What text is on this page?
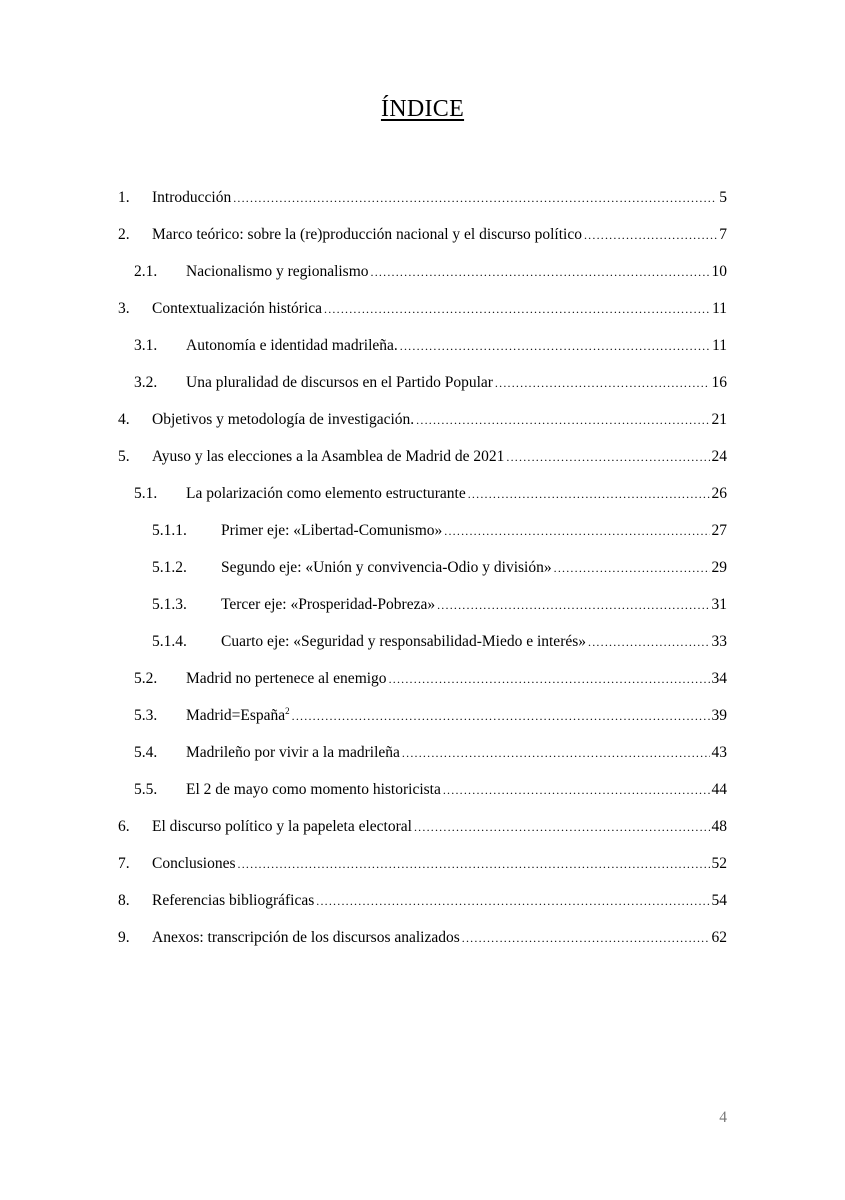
ÍNDICE
1. Introducción .....	5
2. Marco teórico: sobre la (re)producción nacional y el discurso político .....	7
2.1. Nacionalismo y regionalismo .....	10
3. Contextualización histórica .....	11
3.1. Autonomía e identidad madrileña. .....	11
3.2. Una pluralidad de discursos en el Partido Popular .....	16
4. Objetivos y metodología de investigación. .....	21
5. Ayuso y las elecciones a la Asamblea de Madrid de 2021 .....	24
5.1. La polarización como elemento estructurante .....	26
5.1.1. Primer eje: «Libertad-Comunismo» .....	27
5.1.2. Segundo eje: «Unión y convivencia-Odio y división» .....	29
5.1.3. Tercer eje: «Prosperidad-Pobreza» .....	31
5.1.4. Cuarto eje: «Seguridad y responsabilidad-Miedo e interés» .....	33
5.2. Madrid no pertenece al enemigo .....	34
5.3. Madrid=España$^2$ .....	39
5.4. Madrileño por vivir a la madrileña .....	43
5.5. El 2 de mayo como momento historicista .....	44
6. El discurso político y la papeleta electoral .....	48
7. Conclusiones .....	52
8. Referencias bibliográficas .....	54
9. Anexos: transcripción de los discursos analizados .....	62
4
